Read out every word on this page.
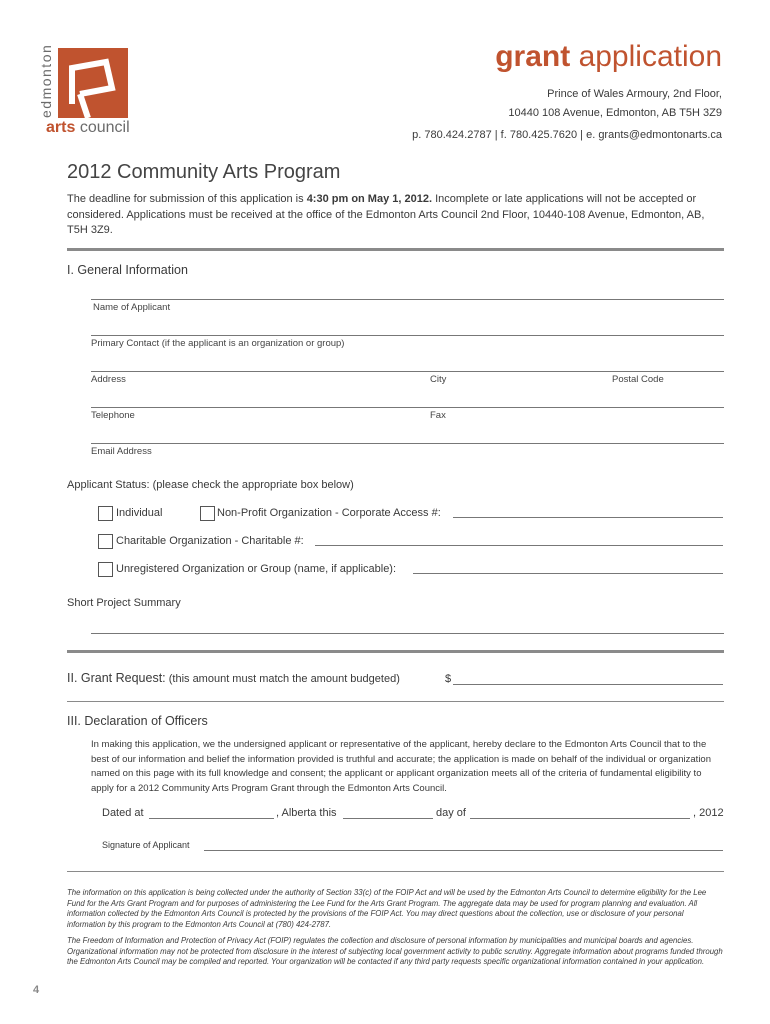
edmonton
arts council
grant application
Prince of Wales Armoury, 2nd Floor,
10440 108 Avenue, Edmonton, AB T5H 3Z9
p. 780.424.2787 | f. 780.425.7620 | e. grants@edmontonarts.ca
2012 Community Arts Program
The deadline for submission of this application is 4:30 pm on May 1, 2012. Incomplete or late applications will not be accepted or considered. Applications must be received at the office of the Edmonton Arts Council 2nd Floor, 10440-108 Avenue, Edmonton, AB, T5H 3Z9.
I. General Information
Name of Applicant
Primary Contact (if the applicant is an organization or group)
Address	City	Postal Code
Telephone	Fax
Email Address
Applicant Status: (please check the appropriate box below)
Individual	Non-Profit Organization - Corporate Access #:
Charitable Organization - Charitable #:
Unregistered Organization or Group (name, if applicable):
Short Project Summary
II. Grant Request: (this amount must match the amount budgeted)	$
III. Declaration of Officers
In making this application, we the undersigned applicant or representative of the applicant, hereby declare to the Edmonton Arts Council that to the best of our information and belief the information provided is truthful and accurate; the application is made on behalf of the individual or organization named on this page with its full knowledge and consent; the applicant or applicant organization meets all of the criteria of fundamental eligibility to apply for a 2012 Community Arts Program Grant through the Edmonton Arts Council.
Dated at	, Alberta this	day of	, 2012
Signature of Applicant
The information on this application is being collected under the authority of Section 33(c) of the FOIP Act and will be used by the Edmonton Arts Council to determine eligibility for the Lee Fund for the Arts Grant Program and for purposes of administering the Lee Fund for the Arts Grant Program. The aggregate data may be used for program planning and evaluation. All information collected by the Edmonton Arts Council is protected by the provisions of the FOIP Act. You may direct questions about the collection, use or disclosure of your personal information by this program to the Edmonton Arts Council at (780) 424-2787.
The Freedom of Information and Protection of Privacy Act (FOIP) regulates the collection and disclosure of personal information by municipalities and municipal boards and agencies. Organizational information may not be protected from disclosure in the interest of subjecting local government activity to public scrutiny. Aggregate information about programs funded through the Edmonton Arts Council may be compiled and reported. Your organization will be contacted if any third party requests specific organizational information contained in your application.
4
